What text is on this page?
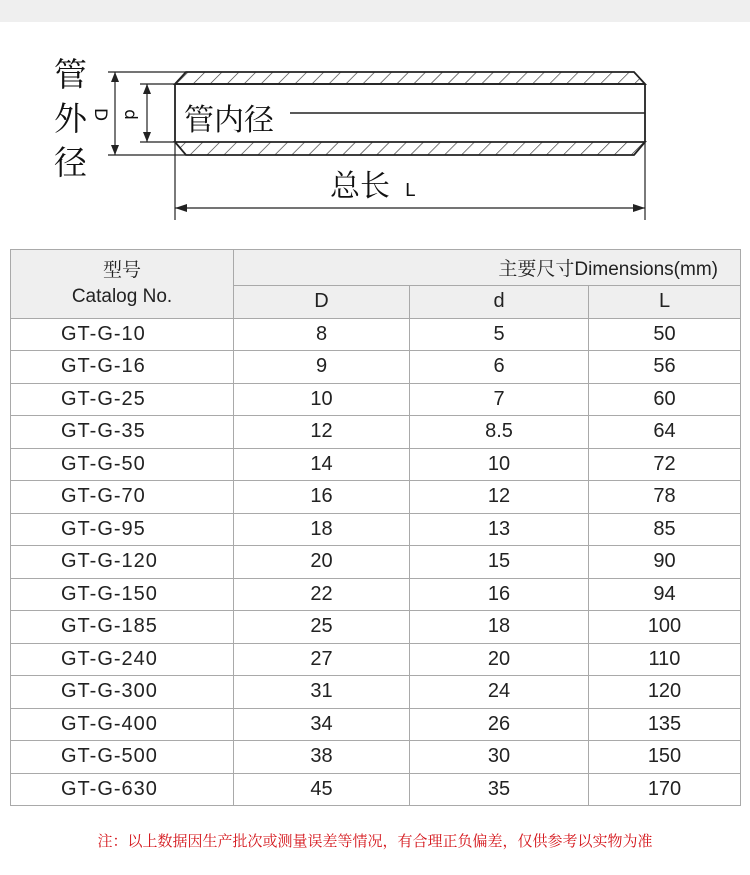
管
外
径
D d 管内径
总长 L
型号
Catalog No.	主要尺寸Dimensions(mm)		
	D	d	L
GT-G-10	8	5	50
GT-G-16	9	6	56
GT-G-25	10	7	60
GT-G-35	12	8.5	64
GT-G-50	14	10	72
GT-G-70	16	12	78
GT-G-95	18	13	85
GT-G-120	20	15	90
GT-G-150	22	16	94
GT-G-185	25	18	100
GT-G-240	27	20	110
GT-G-300	31	24	120
GT-G-400	34	26	135
GT-G-500	38	30	150
GT-G-630	45	35	170
注：以上数据因生产批次或测量误差等情况，有合理正负偏差，仅供参考以实物为准
